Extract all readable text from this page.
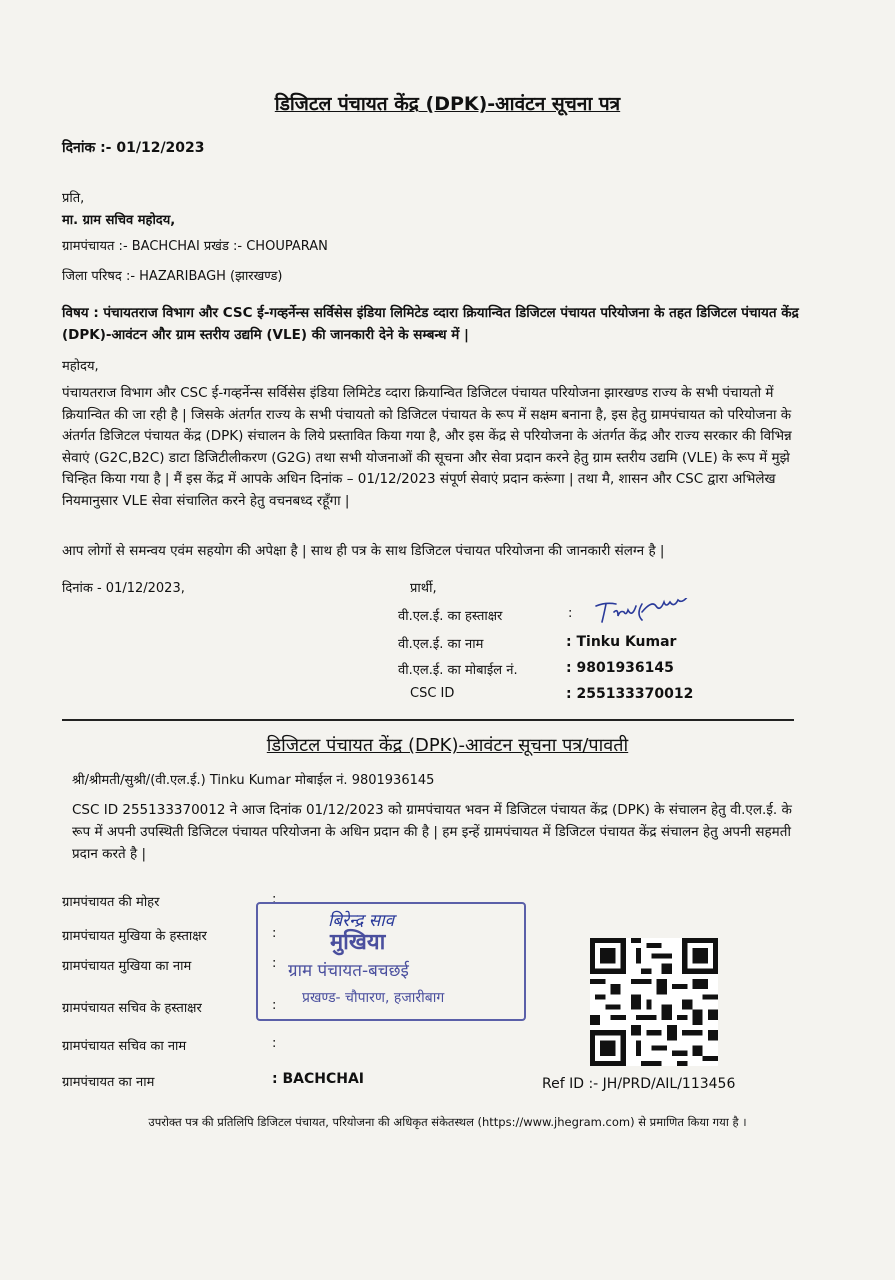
डिजिटल पंचायत केंद्र (DPK)-आवंटन सूचना पत्र
दिनांक :- 01/12/2023
प्रति,
मा. ग्राम सचिव महोदय,
ग्रामपंचायत :- BACHCHAI प्रखंड :- CHOUPARAN
जिला परिषद :- HAZARIBAGH (झारखण्ड)
विषय : पंचायतराज विभाग और CSC ई-गव्हर्नेन्स सर्विसेस इंडिया लिमिटेड व्दारा क्रियान्वित डिजिटल पंचायत परियोजना के तहत डिजिटल पंचायत केंद्र (DPK)-आवंटन और ग्राम स्तरीय उद्यमि (VLE) की जानकारी देने के सम्बन्ध में |
महोदय,
पंचायतराज विभाग और CSC ई-गव्हर्नेन्स सर्विसेस इंडिया लिमिटेड व्दारा क्रियान्वित डिजिटल पंचायत परियोजना झारखण्ड राज्य के सभी पंचायतो में क्रियान्वित की जा रही है | जिसके अंतर्गत राज्य के सभी पंचायतो को डिजिटल पंचायत के रूप में सक्षम बनाना है, इस हेतु ग्रामपंचायत को परियोजना के अंतर्गत डिजिटल पंचायत केंद्र (DPK) संचालन के लिये प्रस्तावित किया गया है, और इस केंद्र से परियोजना के अंतर्गत केंद्र और राज्य सरकार की विभिन्न सेवाएं (G2C,B2C) डाटा डिजिटीलीकरण (G2G) तथा सभी योजनाओं की सूचना और सेवा प्रदान करने हेतु ग्राम स्तरीय उद्यमि (VLE) के रूप में मुझे चिन्हित किया गया है | मैं इस केंद्र में आपके अधिन दिनांक – 01/12/2023 संपूर्ण सेवाएं प्रदान करूंगा | तथा मै, शासन और CSC द्वारा अभिलेख नियमानुसार VLE सेवा संचालित करने हेतु वचनबध्द रहूँगा |
आप लोगों से समन्वय एवंम सहयोग की अपेक्षा है | साथ ही पत्र के साथ डिजिटल पंचायत परियोजना की जानकारी संलग्न है |
दिनांक - 01/12/2023,	प्रार्थी,
वी.एल.ई. का हस्ताक्षर	:
वी.एल.ई. का नाम	: Tinku Kumar
वी.एल.ई. का मोबाईल नं.	: 9801936145
CSC ID	: 255133370012
डिजिटल पंचायत केंद्र (DPK)-आवंटन सूचना पत्र/पावती
श्री/श्रीमती/सुश्री/(वी.एल.ई.) Tinku Kumar मोबाईल नं. 9801936145
CSC ID 255133370012 ने आज दिनांक 01/12/2023 को ग्रामपंचायत भवन में डिजिटल पंचायत केंद्र (DPK) के संचालन हेतु वी.एल.ई. के रूप में अपनी उपस्थिती डिजिटल पंचायत परियोजना के अधिन प्रदान की है | हम इन्हें ग्रामपंचायत में डिजिटल पंचायत केंद्र संचालन हेतु अपनी सहमती प्रदान करते है |
ग्रामपंचायत की मोहर	:
ग्रामपंचायत मुखिया के हस्ताक्षर	:
ग्रामपंचायत मुखिया का नाम	:
ग्रामपंचायत सचिव के हस्ताक्षर	:
ग्रामपंचायत सचिव का नाम	:
ग्रामपंचायत का नाम	: BACHCHAI
बिरेन्द्र साव
मुखिया
ग्राम पंचायत-बचछई
प्रखण्ड- चौपारण, हजारीबाग
Ref ID :- JH/PRD/AIL/113456
उपरोक्त पत्र की प्रतिलिपि डिजिटल पंचायत, परियोजना की अधिकृत संकेतस्थल (https://www.jhegram.com) से प्रमाणित किया गया है ।
